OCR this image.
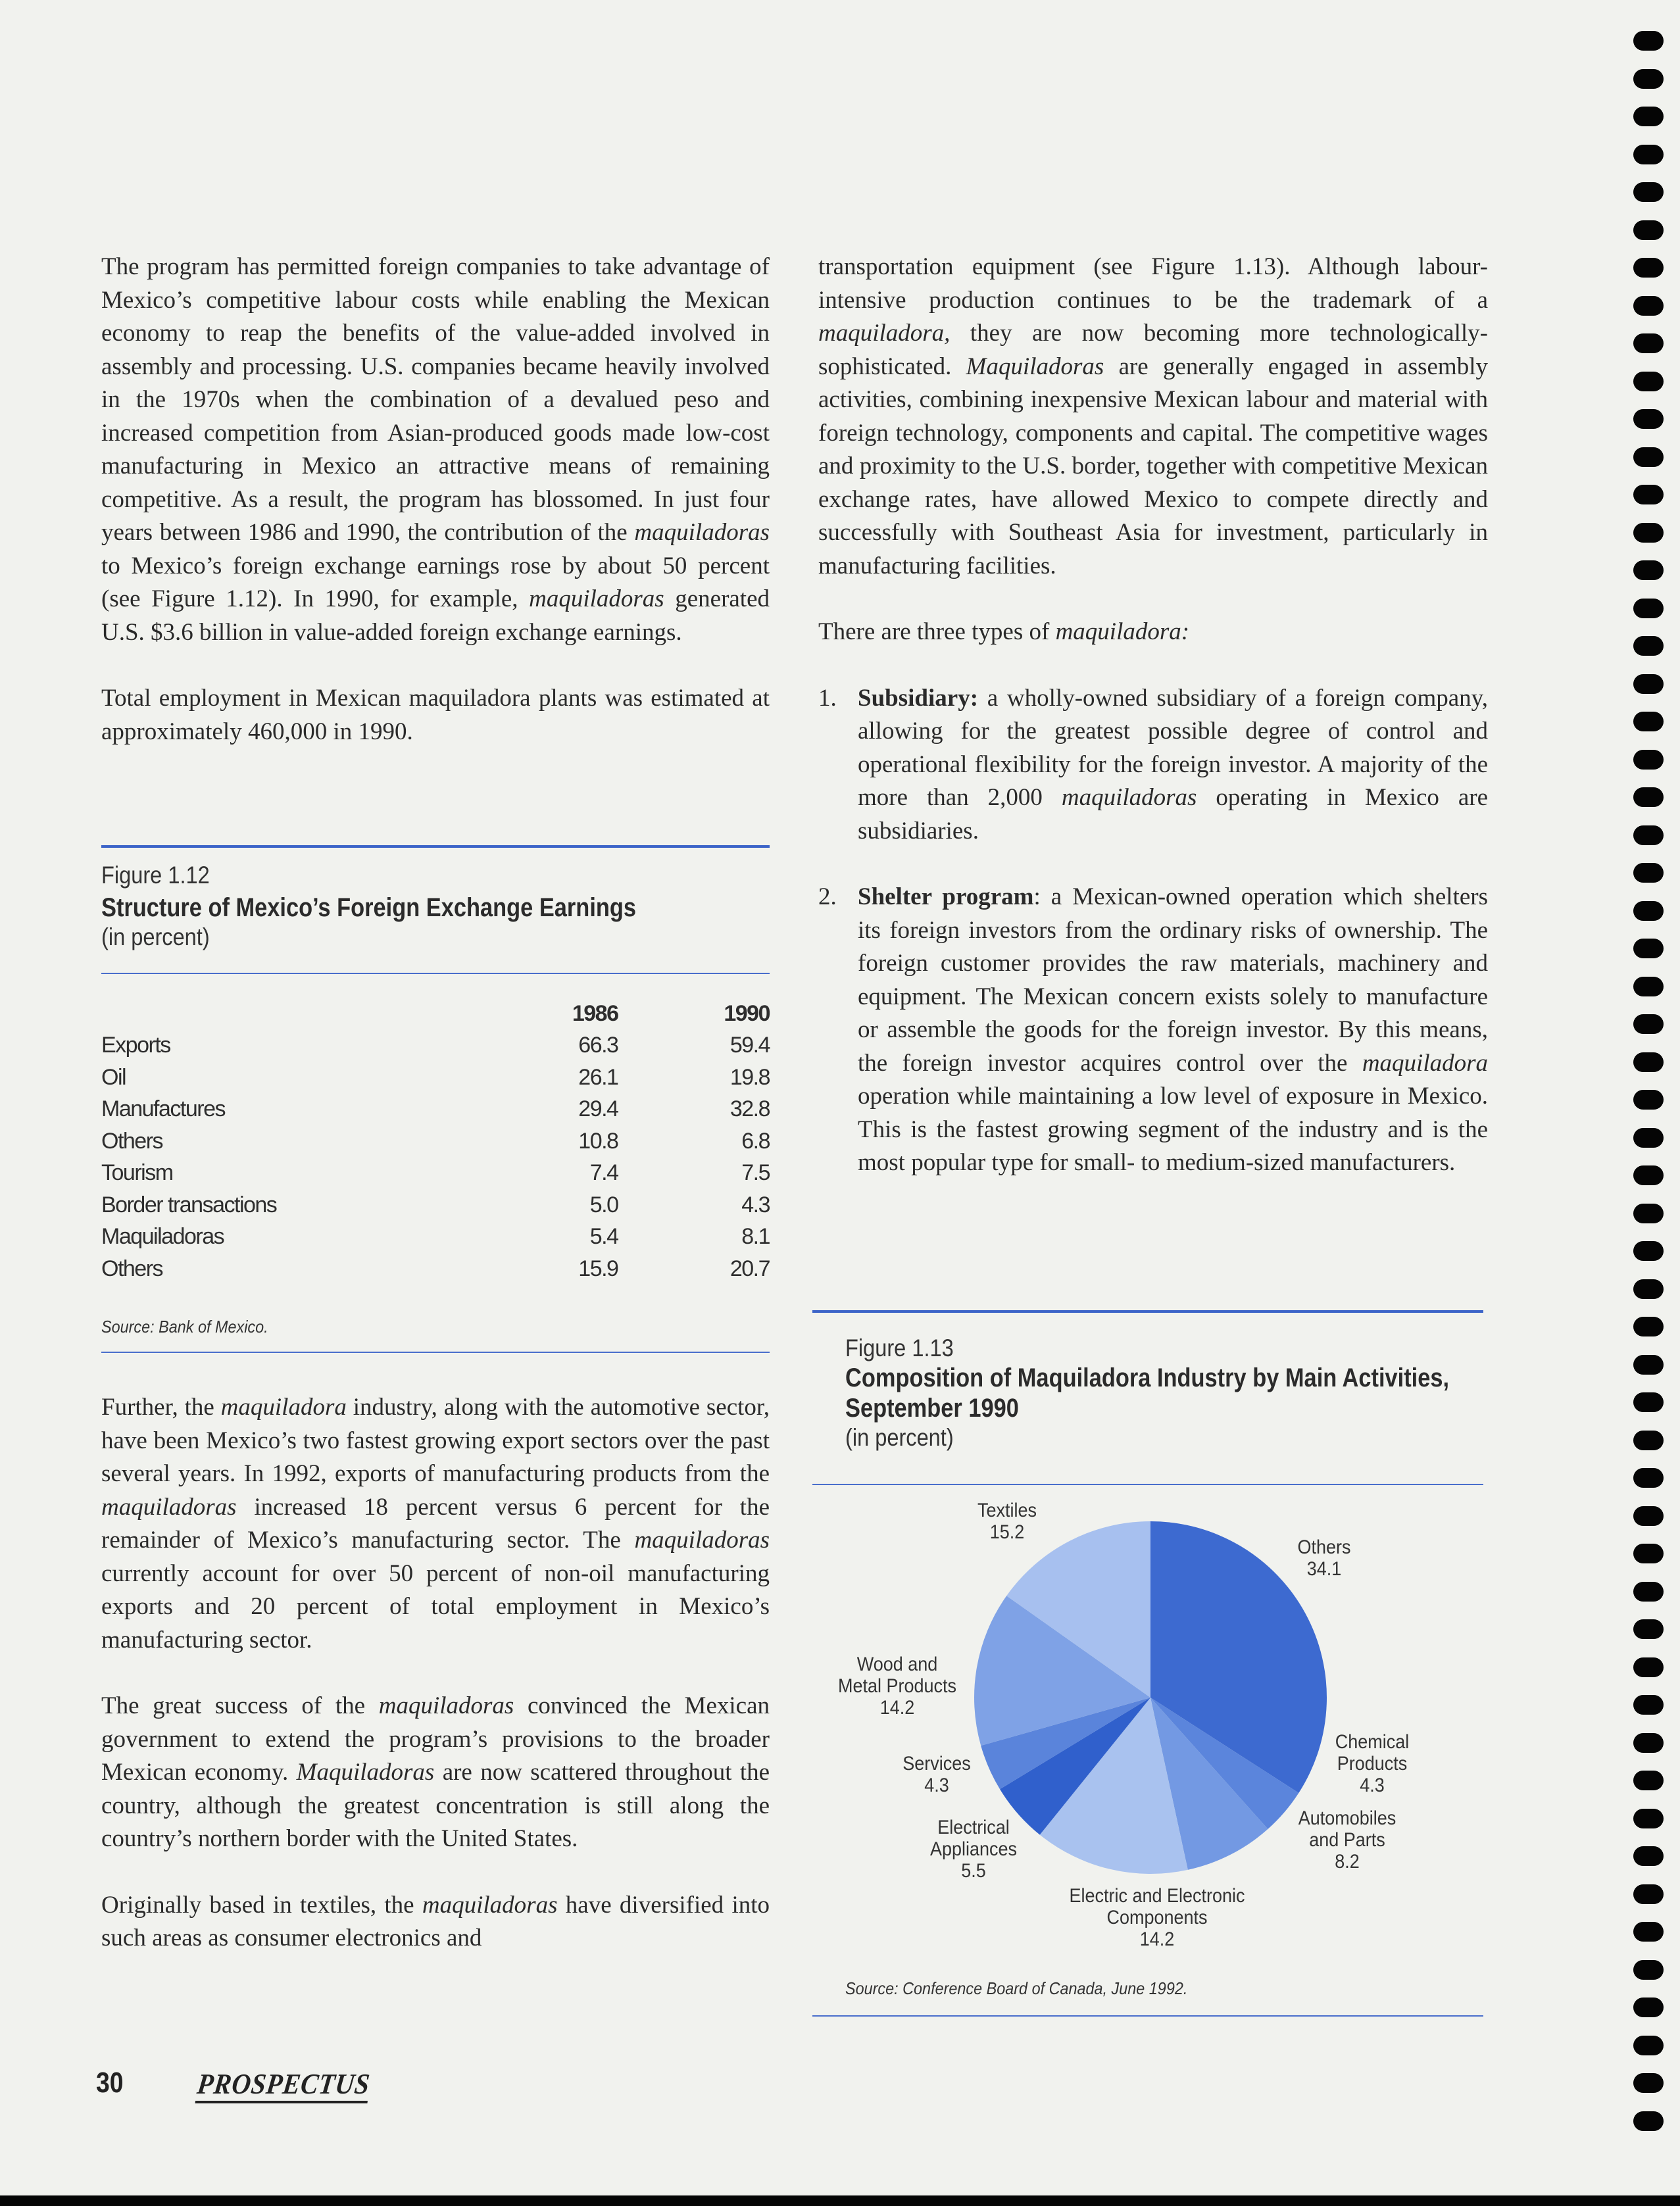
The program has permitted foreign companies to take advantage of Mexico’s competitive labour costs while enabling the Mexican economy to reap the benefits of the value-added involved in assembly and processing. U.S. companies became heavily involved in the 1970s when the combination of a devalued peso and increased competition from Asian-produced goods made low-cost manufacturing in Mexico an attractive means of remaining competitive. As a result, the program has blossomed. In just four years between 1986 and 1990, the contribution of the maquiladoras to Mexico’s foreign exchange earnings rose by about 50 percent (see Figure 1.12). In 1990, for example, maquiladoras generated U.S. $3.6 billion in value-added foreign exchange earnings.

Total employment in Mexican maquiladora plants was estimated at approximately 460,000 in 1990.

Figure 1.12
Structure of Mexico’s Foreign Exchange Earnings
(in percent)
	1986	1990
Exports	66.3	59.4
Oil	26.1	19.8
Manufactures	29.4	32.8
Others	10.8	6.8
Tourism	7.4	7.5
Border transactions	5.0	4.3
Maquiladoras	5.4	8.1
Others	15.9	20.7
Source: Bank of Mexico.

Further, the maquiladora industry, along with the automotive sector, have been Mexico’s two fastest growing export sectors over the past several years. In 1992, exports of manufacturing products from the maquiladoras increased 18 percent versus 6 percent for the remainder of Mexico’s manufacturing sector. The maquiladoras currently account for over 50 percent of non-oil manufacturing exports and 20 percent of total employment in Mexico’s manufacturing sector.

The great success of the maquiladoras convinced the Mexican government to extend the program’s provisions to the broader Mexican economy. Maquiladoras are now scattered throughout the country, although the greatest concentration is still along the country’s northern border with the United States.

Originally based in textiles, the maquiladoras have diversified into such areas as consumer electronics and

transportation equipment (see Figure 1.13). Although labour-intensive production continues to be the trademark of a maquiladora, they are now becoming more technologically-sophisticated. Maquiladoras are generally engaged in assembly activities, combining inexpensive Mexican labour and material with foreign technology, components and capital. The competitive wages and proximity to the U.S. border, together with competitive Mexican exchange rates, have allowed Mexico to compete directly and successfully with Southeast Asia for investment, particularly in manufacturing facilities.

There are three types of maquiladora:

1. Subsidiary: a wholly-owned subsidiary of a foreign company, allowing for the greatest possible degree of control and operational flexibility for the foreign investor. A majority of the more than 2,000 maquiladoras operating in Mexico are subsidiaries.
2. Shelter program: a Mexican-owned operation which shelters its foreign investors from the ordinary risks of ownership. The foreign customer provides the raw materials, machinery and equipment. The Mexican concern exists solely to manufacture or assemble the goods for the foreign investor. By this means, the foreign investor acquires control over the maquiladora operation while maintaining a low level of exposure in Mexico. This is the fastest growing segment of the industry and is the most popular type for small- to medium-sized manufacturers.
Figure 1.13
Composition of Maquiladora Industry by Main Activities,
September 1990
(in percent)
Textiles
15.2
Others
34.1
Wood and
Metal Products
14.2
Chemical
Products
4.3
Services
4.3
Automobiles
and Parts
8.2
Electrical
Appliances
5.5
Electric and Electronic
Components
14.2
Source: Conference Board of Canada, June 1992.
30 PROSPECTUS
